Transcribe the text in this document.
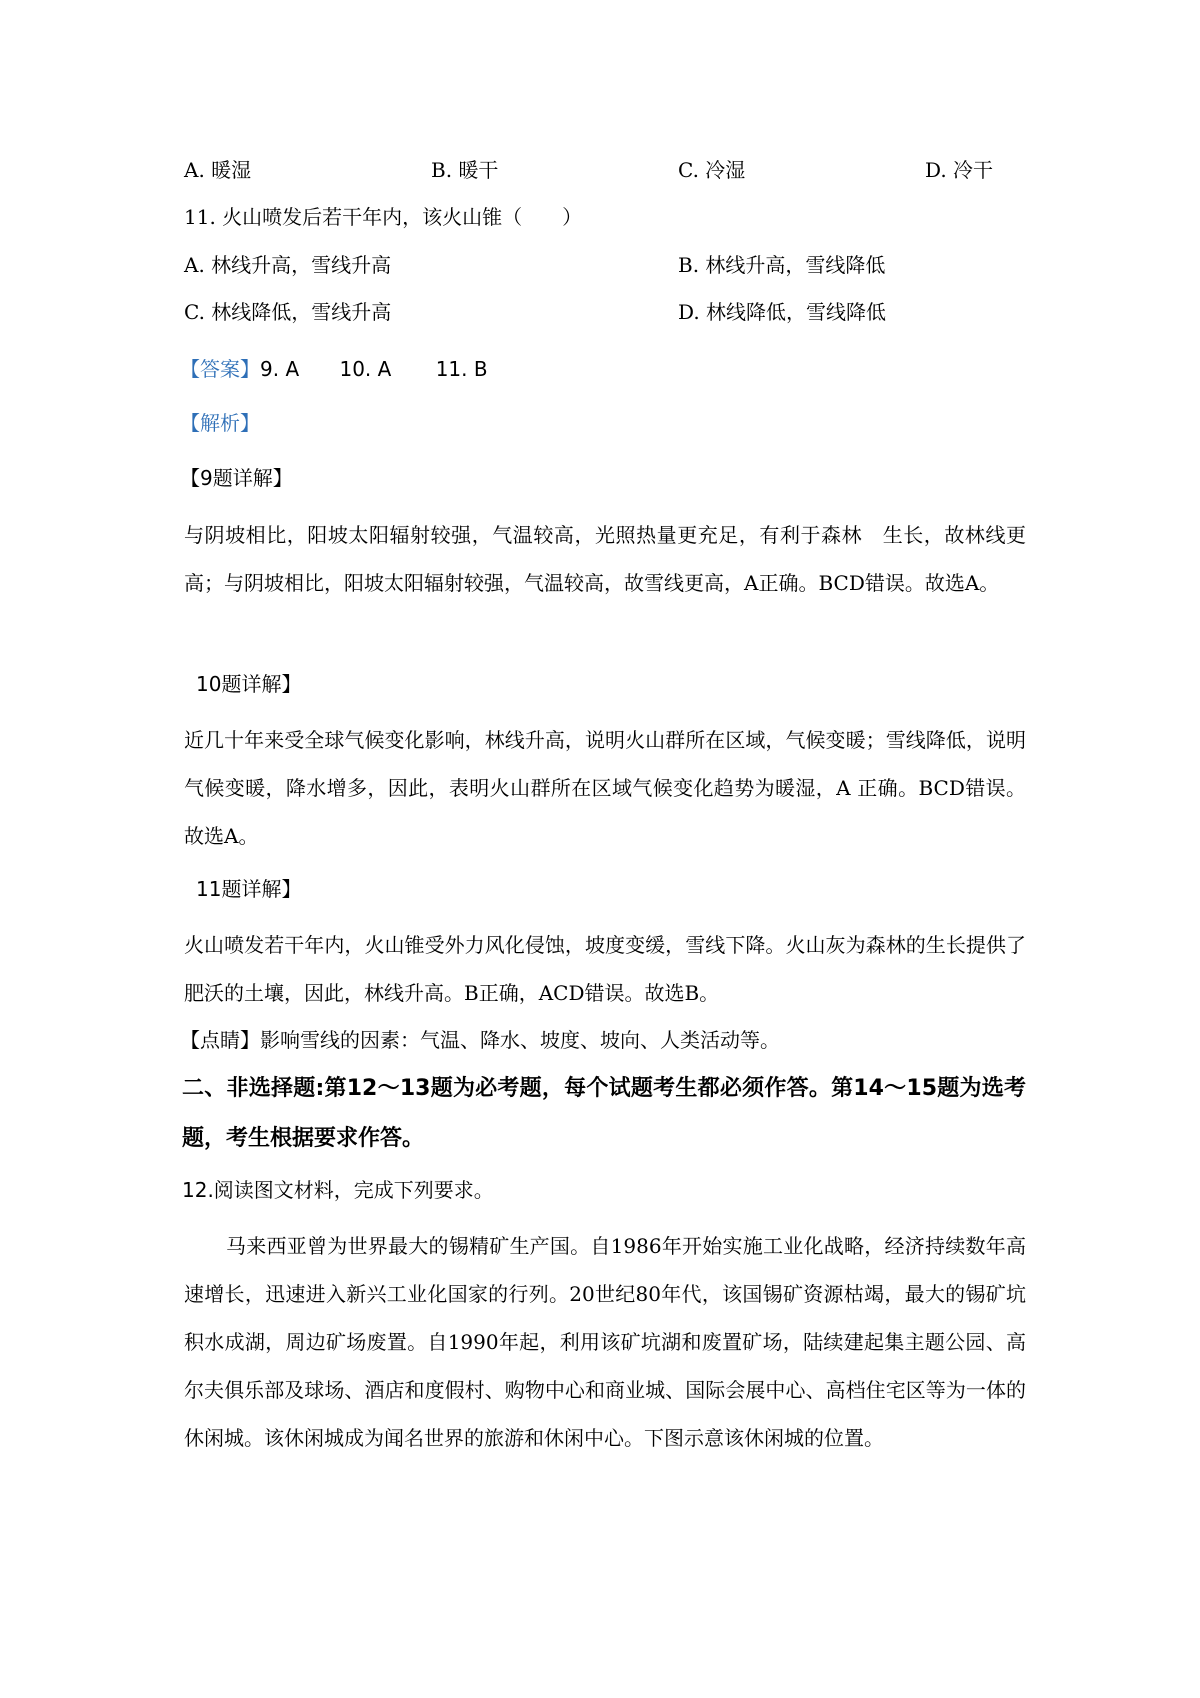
A. 暖湿	B. 暖干	C. 冷湿	D. 冷干
11. 火山喷发后若干年内，该火山锥（　　）
A. 林线升高，雪线升高	B. 林线升高，雪线降低
C. 林线降低，雪线升高	D. 林线降低，雪线降低
【答案】9. A 10. A 11. B
【解析】
【9题详解】
与阴坡相比，阳坡太阳辐射较强，气温较高，光照热量更充足，有利于森林　生长，故林线更高；与阴坡相比，阳坡太阳辐射较强，气温较高，故雪线更高，A正确。BCD错误。故选A。
10题详解】
近几十年来受全球气候变化影响，林线升高，说明火山群所在区域，气候变暖；雪线降低，说明气候变暖，降水增多，因此，表明火山群所在区域气候变化趋势为暖湿，A 正确。BCD错误。故选A。
11题详解】
火山喷发若干年内，火山锥受外力风化侵蚀，坡度变缓，雪线下降。火山灰为森林的生长提供了肥沃的土壤，因此，林线升高。B正确，ACD错误。故选B。
【点睛】影响雪线的因素：气温、降水、坡度、坡向、人类活动等。
二、非选择题:第12～13题为必考题，每个试题考生都必须作答。第14～15题为选考题，考生根据要求作答。
12.阅读图文材料，完成下列要求。
马来西亚曾为世界最大的锡精矿生产国。自1986年开始实施工业化战略，经济持续数年高速增长，迅速进入新兴工业化国家的行列。20世纪80年代，该国锡矿资源枯竭，最大的锡矿坑积水成湖，周边矿场废置。自1990年起，利用该矿坑湖和废置矿场，陆续建起集主题公园、高尔夫俱乐部及球场、酒店和度假村、购物中心和商业城、国际会展中心、高档住宅区等为一体的休闲城。该休闲城成为闻名世界的旅游和休闲中心。下图示意该休闲城的位置。
